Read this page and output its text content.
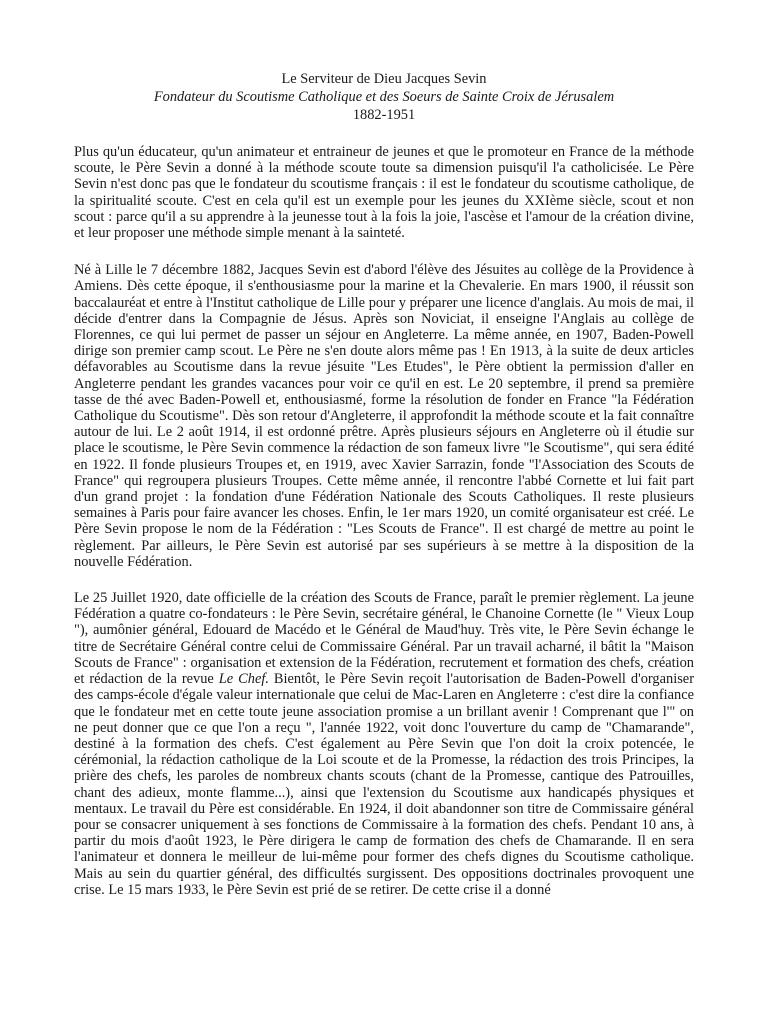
Le Serviteur de Dieu Jacques Sevin
Fondateur du Scoutisme Catholique et des Soeurs de Sainte Croix de Jérusalem
1882-1951

Plus qu'un éducateur, qu'un animateur et entraineur de jeunes et que le promoteur en France de la méthode scoute, le Père Sevin a donné à la méthode scoute toute sa dimension puisqu'il l'a catholicisée. Le Père Sevin n'est donc pas que le fondateur du scoutisme français : il est le fondateur du scoutisme catholique, de la spiritualité scoute. C'est en cela qu'il est un exemple pour les jeunes du XXIème siècle, scout et non scout : parce qu'il a su apprendre à la jeunesse tout à la fois la joie, l'ascèse et l'amour de la création divine, et leur proposer une méthode simple menant à la sainteté.

Né à Lille le 7 décembre 1882, Jacques Sevin est d'abord l'élève des Jésuites au collège de la Providence à Amiens. Dès cette époque, il s'enthousiasme pour la marine et la Chevalerie. En mars 1900, il réussit son baccalauréat et entre à l'Institut catholique de Lille pour y préparer une licence d'anglais. Au mois de mai, il décide d'entrer dans la Compagnie de Jésus. Après son Noviciat, il enseigne l'Anglais au collège de Florennes, ce qui lui permet de passer un séjour en Angleterre. La même année, en 1907, Baden-Powell dirige son premier camp scout. Le Père ne s'en doute alors même pas ! En 1913, à la suite de deux articles défavorables au Scoutisme dans la revue jésuite "Les Etudes", le Père obtient la permission d'aller en Angleterre pendant les grandes vacances pour voir ce qu'il en est. Le 20 septembre, il prend sa première tasse de thé avec Baden-Powell et, enthousiasmé, forme la résolution de fonder en France "la Fédération Catholique du Scoutisme". Dès son retour d'Angleterre, il approfondit la méthode scoute et la fait connaître autour de lui. Le 2 août 1914, il est ordonné prêtre. Après plusieurs séjours en Angleterre où il étudie sur place le scoutisme, le Père Sevin commence la rédaction de son fameux livre "le Scoutisme", qui sera édité en 1922. Il fonde plusieurs Troupes et, en 1919, avec Xavier Sarrazin, fonde "l'Association des Scouts de France" qui regroupera plusieurs Troupes. Cette même année, il rencontre l'abbé Cornette et lui fait part d'un grand projet : la fondation d'une Fédération Nationale des Scouts Catholiques. Il reste plusieurs semaines à Paris pour faire avancer les choses. Enfin, le 1er mars 1920, un comité organisateur est créé. Le Père Sevin propose le nom de la Fédération : "Les Scouts de France". Il est chargé de mettre au point le règlement. Par ailleurs, le Père Sevin est autorisé par ses supérieurs à se mettre à la disposition de la nouvelle Fédération.

Le 25 Juillet 1920, date officielle de la création des Scouts de France, paraît le premier règlement. La jeune Fédération a quatre co-fondateurs : le Père Sevin, secrétaire général, le Chanoine Cornette (le " Vieux Loup "), aumônier général, Edouard de Macédo et le Général de Maud'huy. Très vite, le Père Sevin échange le titre de Secrétaire Général contre celui de Commissaire Général. Par un travail acharné, il bâtit la "Maison Scouts de France" : organisation et extension de la Fédération, recrutement et formation des chefs, création et rédaction de la revue Le Chef. Bientôt, le Père Sevin reçoit l'autorisation de Baden-Powell d'organiser des camps-école d'égale valeur internationale que celui de Mac-Laren en Angleterre : c'est dire la confiance que le fondateur met en cette toute jeune association promise a un brillant avenir ! Comprenant que l'" on ne peut donner que ce que l'on a reçu ", l'année 1922, voit donc l'ouverture du camp de "Chamarande", destiné à la formation des chefs. C'est également au Père Sevin que l'on doit la croix potencée, le cérémonial, la rédaction catholique de la Loi scoute et de la Promesse, la rédaction des trois Principes, la prière des chefs, les paroles de nombreux chants scouts (chant de la Promesse, cantique des Patrouilles, chant des adieux, monte flamme...), ainsi que l'extension du Scoutisme aux handicapés physiques et mentaux. Le travail du Père est considérable. En 1924, il doit abandonner son titre de Commissaire général pour se consacrer uniquement à ses fonctions de Commissaire à la formation des chefs. Pendant 10 ans, à partir du mois d'août 1923, le Père dirigera le camp de formation des chefs de Chamarande. Il en sera l'animateur et donnera le meilleur de lui-même pour former des chefs dignes du Scoutisme catholique. Mais au sein du quartier général, des difficultés surgissent. Des oppositions doctrinales provoquent une crise. Le 15 mars 1933, le Père Sevin est prié de se retirer. De cette crise il a donné
